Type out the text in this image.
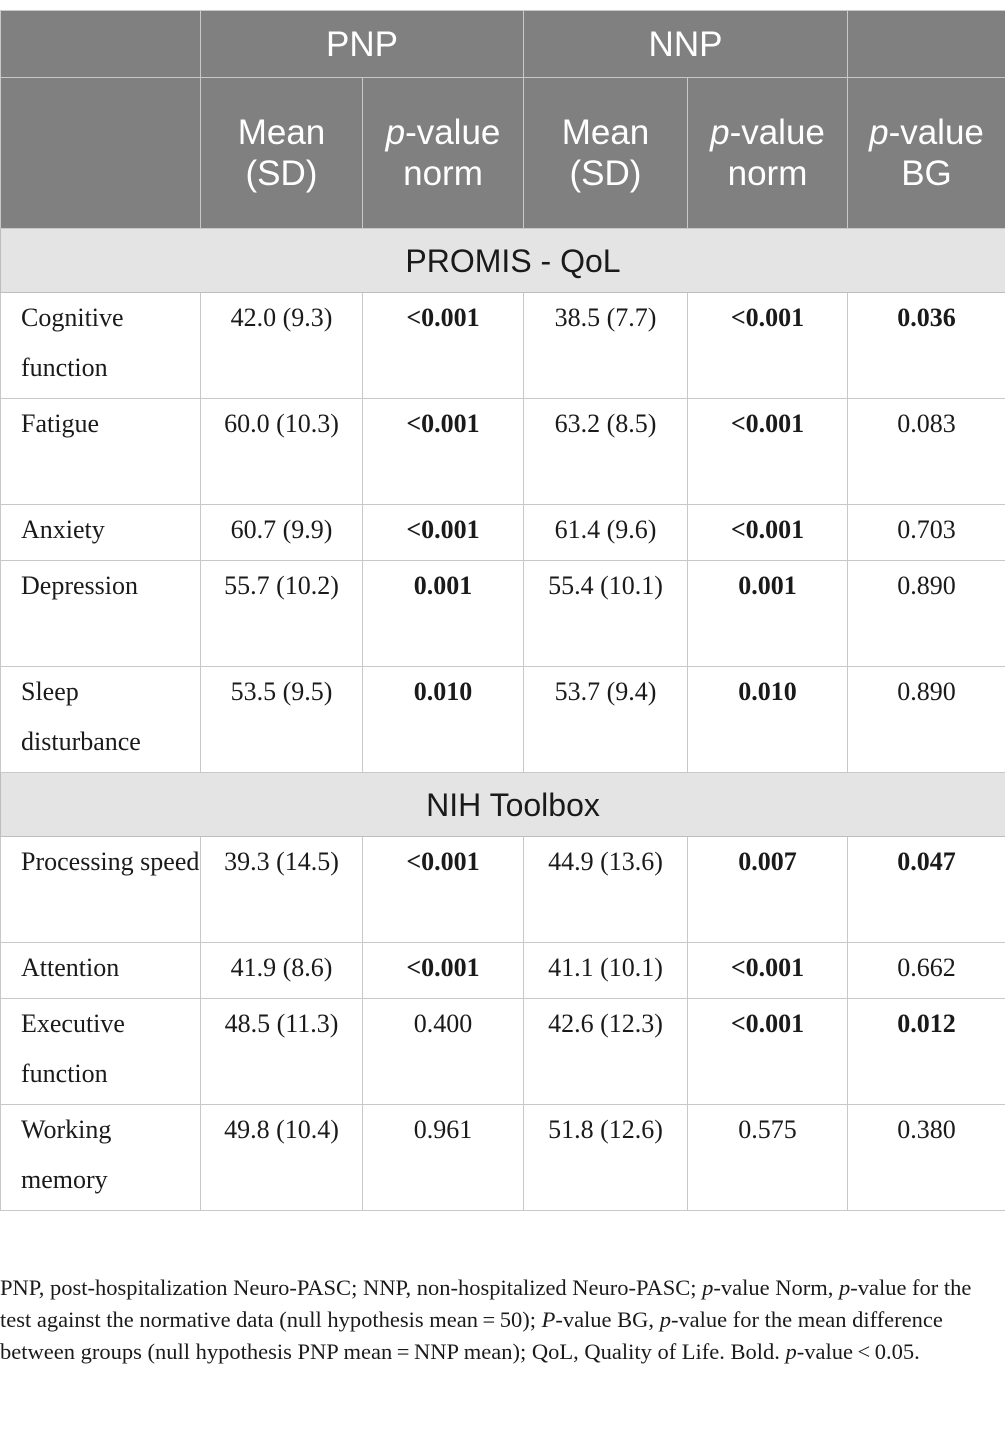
	PNP		NNP		
	Mean (SD)	p-value norm	Mean (SD)	p-value norm	p-value BG
PROMIS - QoL					
Cognitive function	42.0 (9.3)	<0.001	38.5 (7.7)	<0.001	0.036
Fatigue	60.0 (10.3)	<0.001	63.2 (8.5)	<0.001	0.083
Anxiety	60.7 (9.9)	<0.001	61.4 (9.6)	<0.001	0.703
Depression	55.7 (10.2)	0.001	55.4 (10.1)	0.001	0.890
Sleep disturbance	53.5 (9.5)	0.010	53.7 (9.4)	0.010	0.890
NIH Toolbox					
Processing speed	39.3 (14.5)	<0.001	44.9 (13.6)	0.007	0.047
Attention	41.9 (8.6)	<0.001	41.1 (10.1)	<0.001	0.662
Executive function	48.5 (11.3)	0.400	42.6 (12.3)	<0.001	0.012
Working memory	49.8 (10.4)	0.961	51.8 (12.6)	0.575	0.380
PNP, post-hospitalization Neuro-PASC; NNP, non-hospitalized Neuro-PASC; p-value Norm, p-value for the test against the normative data (null hypothesis mean = 50); P-value BG, p-value for the mean difference between groups (null hypothesis PNP mean = NNP mean); QoL, Quality of Life. Bold. p-value < 0.05.
